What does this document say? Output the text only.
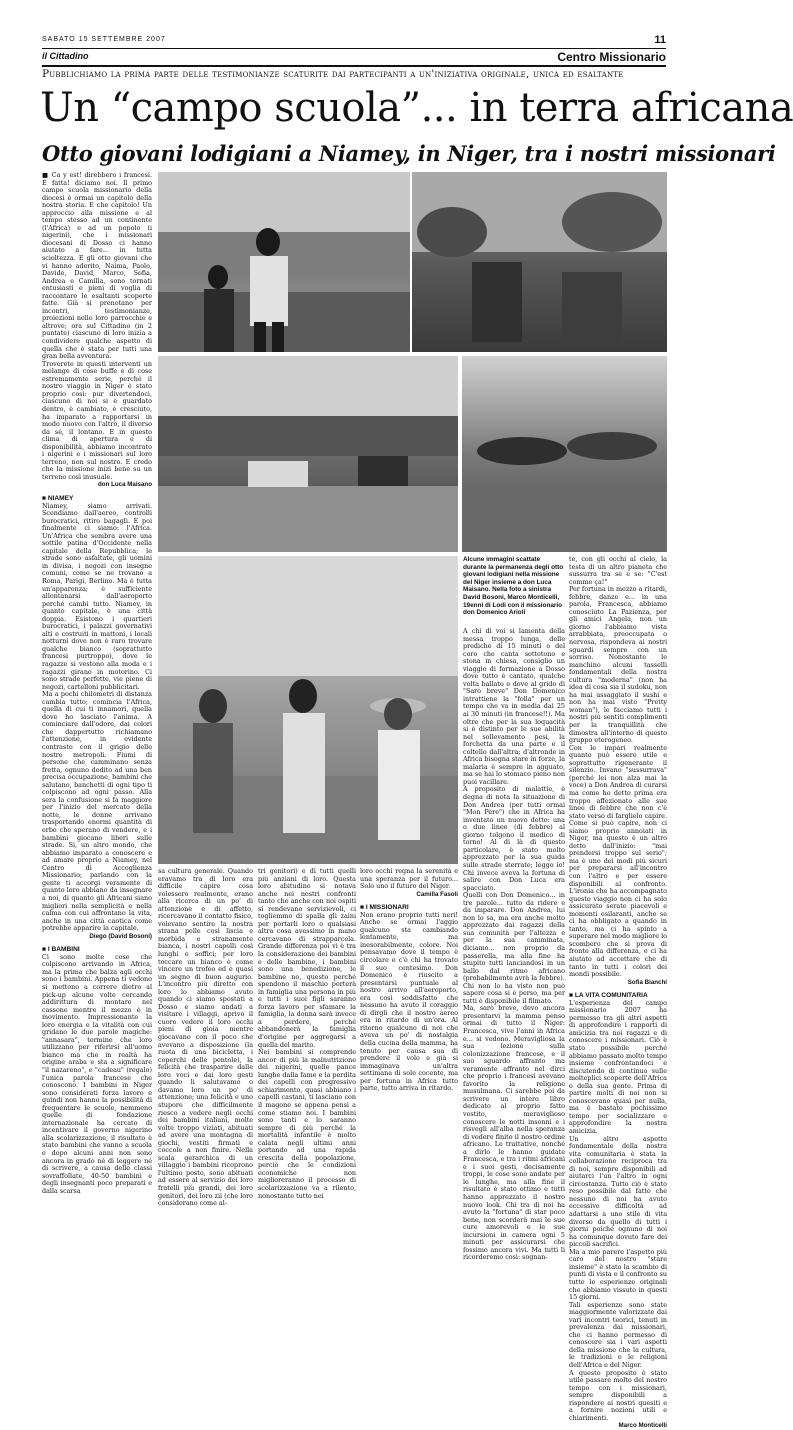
SABATO 15 SETTEMBRE 2007	11
il Cittadino	Centro Missionario
Pubblichiamo la prima parte delle testimonianze scaturite dai partecipanti a un'iniziativa originale, unica ed esaltante
Un “campo scuola”... in terra africana
Otto giovani lodigiani a Niamey, in Niger, tra i nostri missionari

■ Ca y est! direbbero i francesi. È fatta! diciamo noi. Il primo campo scuola missionario della diocesi è ormai un capitolo della nostra storia. E che capitolo! Un approccio alla missione e al tempo stesso ad un continente (l'Africa) e ad un popolo (i nigerini), che i missionari diocesani di Dosso ci hanno aiutato a fare... in tutta scioltezza. E gli otto giovani che vi hanno aderito, Naima, Paolo, Davide, David, Marco, Sofia, Andrea e Camilla, sono tornati entusiasti e pieni di voglia di raccontare le esaltanti scoperte fatte. Già si prenotano per incontri, testimonianze, proiezioni nelle loro parrocchie e altrove; ora sul Cittadino (in 2 puntate) ciascuno di loro inizia a condividere qualche aspetto di quella che è stata per tutti una gran bella avventura.

Troverete in questi interventi un mélange di cose buffe e di cose estremamente serie, perché il nostro viaggio in Niger è stato proprio così: pur divertendoci, ciascuno di noi si è guardato dentro, è cambiato, è cresciuto, ha imparato a rapportarsi in modo nuovo con l'altro, il diverso da sé, il lontano. E in questo clima di apertura e di disponibilità, abbiamo incontrato i nigerini e i missionari sul loro terreno, non sul nostro. E credo che la missione inizi bene su un terreno così inusuale.

don Luca Maisano

■ NIAMEY

Niamey, siamo arrivati. Scendiamo dall'aereo, controlli burocratici, ritiro bagagli. E poi finalmente ci siamo: l'Africa. Un'Africa che sembra avere una sottile patina d'Occidente nella capitale della Repubblica; le strade sono asfaltate, gli uomini in divisa, i negozi con insegne comuni, come se ne trovano a Roma, Parigi, Berlino. Ma è tutta un'apparenza; è sufficiente allontanarsi dall'aeroporto perché cambi tutto. Niamey, in quanto capitale, è una città doppia. Esistono i quartieri burocratici, i palazzi governativi alti e costruiti in mattoni, i locali notturni dove non è raro trovare qualche bianco (soprattutto francesi purtroppo), dove le ragazze si vestono alla moda e i ragazzi girano in motorino. Ci sono strade perfette, vie piene di negozi, cartelloni pubblicitari.

Ma a pochi chilometri di distanza cambia tutto; comincia l'Africa, quella di cui ti innamori, quella dove ho lasciato l'anima. A cominciare dall'odore, dai colori che dappertutto richiamano l'attenzione, in evidente contrasto con il grigio delle nostre metropoli. Fiumi di persone che camminano senza fretta, ognuno dedito ad una ben precisa occupazione, bambini che salutano, banchetti di ogni tipo ti colpiscono ad ogni passo. Alla sera la confusione si fa maggiore per l'inizio del mercato della notte, le donne arrivano trasportando enormi quantità di erbe che sperano di vendere, e i bambini giocano liberi sulle strade. Si, un altro mondo, che abbiamo imparato a conoscere e ad amare proprio a Niamey, nel Centro di Accoglienza Missionario; parlando con la gente ti accorgi veramente di quanto loro abbiano da insegnare a noi, di quanto gli Africani siano migliori nella semplicità e nella calma con cui affrontano la vita, anche in una città caotica come potrebbe apparire la capitale.

Diego (David Bosoni)

■ I BAMBINI

Ci sono molte cose che colpiscono arrivando in Africa, ma la prima che balza agli occhi sono i bambini. Appena ti vedono si mettono a correre dietro al pick-up alcune volte cercando addirittura di montare nel cassone mentre il mezzo è in movimento. Impressionante la loro energia e la vitalità con cui gridano le due parole magiche: "annasara", termine che loro utilizzano per riferirsi all'uomo bianco ma che in realtà ha origine araba e sta a significare "il nazareno", e "cadeau" (regalo) l'unica parola francese che conoscono. I bambini in Niger sono considerati forza lavoro e quindi non hanno la possibilità di frequentare le scuole, nemmeno quelle di fondazione internazionale ha cercato di incentivare il governo nigerino alla scolarizzazione, il risultato è stato bambini che vanno a scuola e dopo alcuni anni non sono ancora in grado né di leggere né di scrivere, a causa delle classi sovraffollate, 40-50 bambini e degli insegnanti poco preparati e dalla scarsa

Alcune immagini scattate durante la permanenza degli otto giovani lodigiani nella missione del Niger insieme a don Luca Maisano. Nella foto a sinistra David Bosoni, Marco Monticelli, 19enni di Lodi con il missionario don Domenico Arioli

sa cultura generale. Quando eravamo tra di loro era difficile capire cosa volessero realmente, erano alla ricerca di un po' di attenzione e di affetto, ricercavano il contatto fisico, volevano sentire la nostra strana pelle così liscia e morbida e stranamente bianca, i nostri capelli così lunghi e soffici; per loro toccare un bianco è come vincere un trofeo ed è quasi un segno di buon augurio. L'incontro più diretto con loro lo abbiamo avuto quando ci siamo spostati a Dosso e siamo andati a visitare i villaggi, aprivo il cuore vedere il loro occhi pieni di gioia mentre giocavano con il poco che avevano a disposizione (la ruota di una bicicletta, i coperchi delle pentole), la felicità che trasparire dalle loro voci e dai loro gesti quando li salutavamo o davamo loro un po' di attenzione; una felicità e uno stupore che difficilmente riesco a vedere negli occhi dei bambini italiani, molte volte troppo viziati, abituati ad avere una montagna di giochi, vestiti firmati e coccole a non finire. Nella scala gerarchica di un villaggio i bambini ricoprono l'ultimo posto, sono abituati ad essere al servizio dei loro fratelli più grandi, dei loro genitori, dei loro zii (che loro considerano come al-

tri genitori) e di tutti quelli più anziani di loro. Questa loro abitudine si notava anche nei nostri confronti tanto che anche con noi ospiti si rendevano servizievoli, ci togliemmo di spalla gli zaini per portarli loro o qualsiasi altra cosa avessimo in mano cercavano di strapparcela. Grande differenza poi vi è tra la considerazione dei bambini e delle bambine, i bambini sono una benedizione, le bambine no, questo perché spendono il maschio porterà in famiglia una persona in più e tutti i suoi figli saranno forza lavoro per sfamare la famiglia, la donna sarà invece a perdere, perché abbandonerà la famiglia d'origine per aggregarsi a quella del marito.

Nei bambini si comprende ancor di più la malnutrizione dei nigerini, quelle pance lunghe dalla fame e la perdita dei capelli con progressivo schiarimento, quasi abbiano i capelli castani, ti lasciano con il magone se appena pensi a come stiamo noi. I bambini sono tanti e lo saranno sempre di più perché la mortalità infantile è molto calata negli ultimi anni portando ad una rapida crescita della popolazione, perciò che le condizioni economiche non miglioreranno il processo di scolarizzazione va a rilento, nonostante tutto nei

loro occhi regna la serenità e una speranza per il futuro... Solo uno il futuro del Niger.

Camilla Fasoli

■ I MISSIONARI

Non erano proprio tutti neri! Anche se ormai l'aggio qualcuno sta cambiando lentamente, ma inesorabilmente, colore. Noi pensavamo dove il tempo è circolare e c'è chi ha trovato il suo centesimo. Don Domenico è riuscito a presentarsi puntuale al nostro arrivo all'aeroporto, era così soddisfatto che nessuno ha avuto il coraggio di dirgli che il nostro aereo era in ritardo di un'ora. Al ritorno qualcuno di noi che aveva un po' di nostalgia della cucina della mamma, ha tenuto per causa sua di prendere il volo e già si immaginava un'altra settimana di sole cocente, ma per fortuna in Africa tutto parte, tutto arriva in ritardo.

A chi di voi si lamenta della messa troppo lunga, delle prediche di 15 minuti o del coro che canta sottotono e stona in chiesa, consiglio un viaggio di formazione a Dosso dove tutto è cantato, qualche volta ballato e dove al grido di "Sarò breve" Don Domenico intrattiene la "folla" per un tempo che va in media dai 25 ai 30 minuti (in francese!!). Ma oltre che per la sua loquacità si è distinto per le sue abilità nel sollevamento pesi, la forchetta da una parte e il coltello dall'altra; d'altronde in Africa bisogna stare in forze, la malaria è sempre in agguato, ma se hai lo stomaco pieno non puoi vacillare.

A proposito di malattie, è degna di nota la situazione di Don Andrea (per tutti ormai "Mon Père") che in Africa ha inventato un nuovo detto: una o due linee (di febbre) al giorno tolgono il medico di torno! Al di là di questo particolare, è stato molto apprezzato per la sua guida sulle strade sterrate; leggo io! Chi invece aveva la fortuna di salire con Don Luca era spacciato.

Quelli con Don Domenico... in tre parole... tutto da ridere e da imparare. Don Andrea, lui non lo sa, ma era anche molto apprezzato dai ragazzi della sua comunità per l'altezza e per la sua camminata, diciamo... non proprio da passerella, ma alla fine ha stupito tutti lanciandosi in un ballo dal ritmo africano (probabilmente avrà la febbre).

Chi non lo ha visto non può sapere cosa si è perso, ma per tutti è disponibile il filmato.

Ma, sarò breve, devo ancora presentarvi la mamma penso ormai di tutto il Niger: Francesca, vive l'anni in Africa e... si vedono. Meravigliosa la sua lezione sulla colonizzazione francese, e il suo sguardo affranto ma veramente affranto nel dirci che proprio i francesi avevano favorito la religione musulmana. Ci sarebbe poi da scrivere un intero libro dedicato al proprio fatto vestito, meraviglioso conoscere le notti insonni e i risvegli all'alba nella speranza di vedere finito il nostro ordine africano. Le trattative, nonché a dirlo le hanno guidate Francesca, e tra i ritmi africani e i suoi gesti, decisamente troppi, le cose sono andate per le lunghe, ma alla fine il risultato è stato ottimo e tutti hanno apprezzato il nostro nuovo look. Chi tra di noi ha avuto la "fortuna" di star poco bene, non scorderà mai le sue cure amorevoli e le sue incursioni in camera ogni 5 minuti per assicurarsi che fossimo ancora vivi. Ma tutti li ricorderemo così: sognan-

te, con gli occhi al cielo, la testa di un altro pianeta che sussurra tra se e se: "C'est comme ça!"

Per fortuna in mezzo a ritardi, febbre, danze e... in una parola, Francesca, abbiamo conosciuto La Pazienza, per gli amici Angela, non un giorno l'abbiamo vista arrabbiata, preoccupata o nervosa, rispondeva ai nostri sguardi sempre con un sorriso. Nonostante le manchino alcuni tasselli fondamentali della nostra cultura "moderna" (non ha idea di cosa sia il sudoku, non ha mai assaggiato il sushi e non ha mai visto "Pretty woman"), le facciamo tutti i nostri più sentiti complimenti per la tranquillità che dimostra all'interno di questo gruppo eterogeneo.

Con le impari realmente quanto può essere utile e soprattutto rigenerante il silenzio. Invano "sussurrava" (perché lei non alza mai la voce) a Don Andrea di curarsi ma come ho detto prima era troppo affezionato alle sue linee di febbre che non c'è stato verso di farglielo capire. Come si può capire, non ci siamo proprio annoiati in Niger, ma questo è un altro detto dall'inizio: "mai prendersi troppo sul serio"; ma è uno dei modi più sicuri per prepararsi all'incontro con l'altro e per essere disponibili al confronto. L'ironia che ha accompagnato questo viaggio non ci ha solo assicurato serate piacevoli e momenti esilaranti, anche se ci ha obbligato a quando in tanto, ma ci ha spinto a superare nel modo migliore lo scombero che si prova di fronte alla differenza, e ci ha aiutato ad accettare che di tanto in tutti i colori dei mondi possibile.

Sofia Bianchi

■ LA VITA COMUNITARIA

L'esperienza del campo missionario 2007 ha permesso tra gli altri aspetti di approfondire i rapporti di amicizia tra noi ragazzi e di conoscere i missionari. Ciò è stato possibile perché abbiamo passato molto tempo insieme confrontandoci e discutendo di continuo sulle molteplici scoperte dell'Africa e della sua gente. Prima di partire molti di noi non si conoscevano quasi per nulla, ma è bastato pochissimo tempo per socializzare e approfondire la nostra amicizia.

Un altro aspetto fondamentale della nostra vita comunitaria è stata la collaborazione reciproca tra di noi, sempre disponibili ad aiutarci l'un l'altro in ogni circostanza. Tutto ciò è stato reso possibile dal fatto che nessuno di noi ha avuto eccessive difficoltà ad adattarsi a uno stile di vita diverso da quello di tutti i giorni poiché ognuno di noi ha comunque dovuto fare dei piccoli sacrifici.

Ma a mio parere l'aspetto più caro del nostro "stare insieme" è stato la scambio di punti di vista e il confronto su tutte le esperienze originali che abbiamo vissuto in questi 15 giorni.

Tali esperienze sono state maggiormente valorizzate dai vari incontri teorici, tenuti in prevalenza dai missionari, che ci hanno permesso di conoscere sia i vari aspetti della missione che la cultura, le tradizioni e le religioni dell'Africa e del Niger.

A questo proposito è stato utile passare molto del nostro tempo con i missionari, sempre disponibili a rispondere ai nostri quesiti e a fornire nozioni utili e chiarimenti.

Marco Monticelli
